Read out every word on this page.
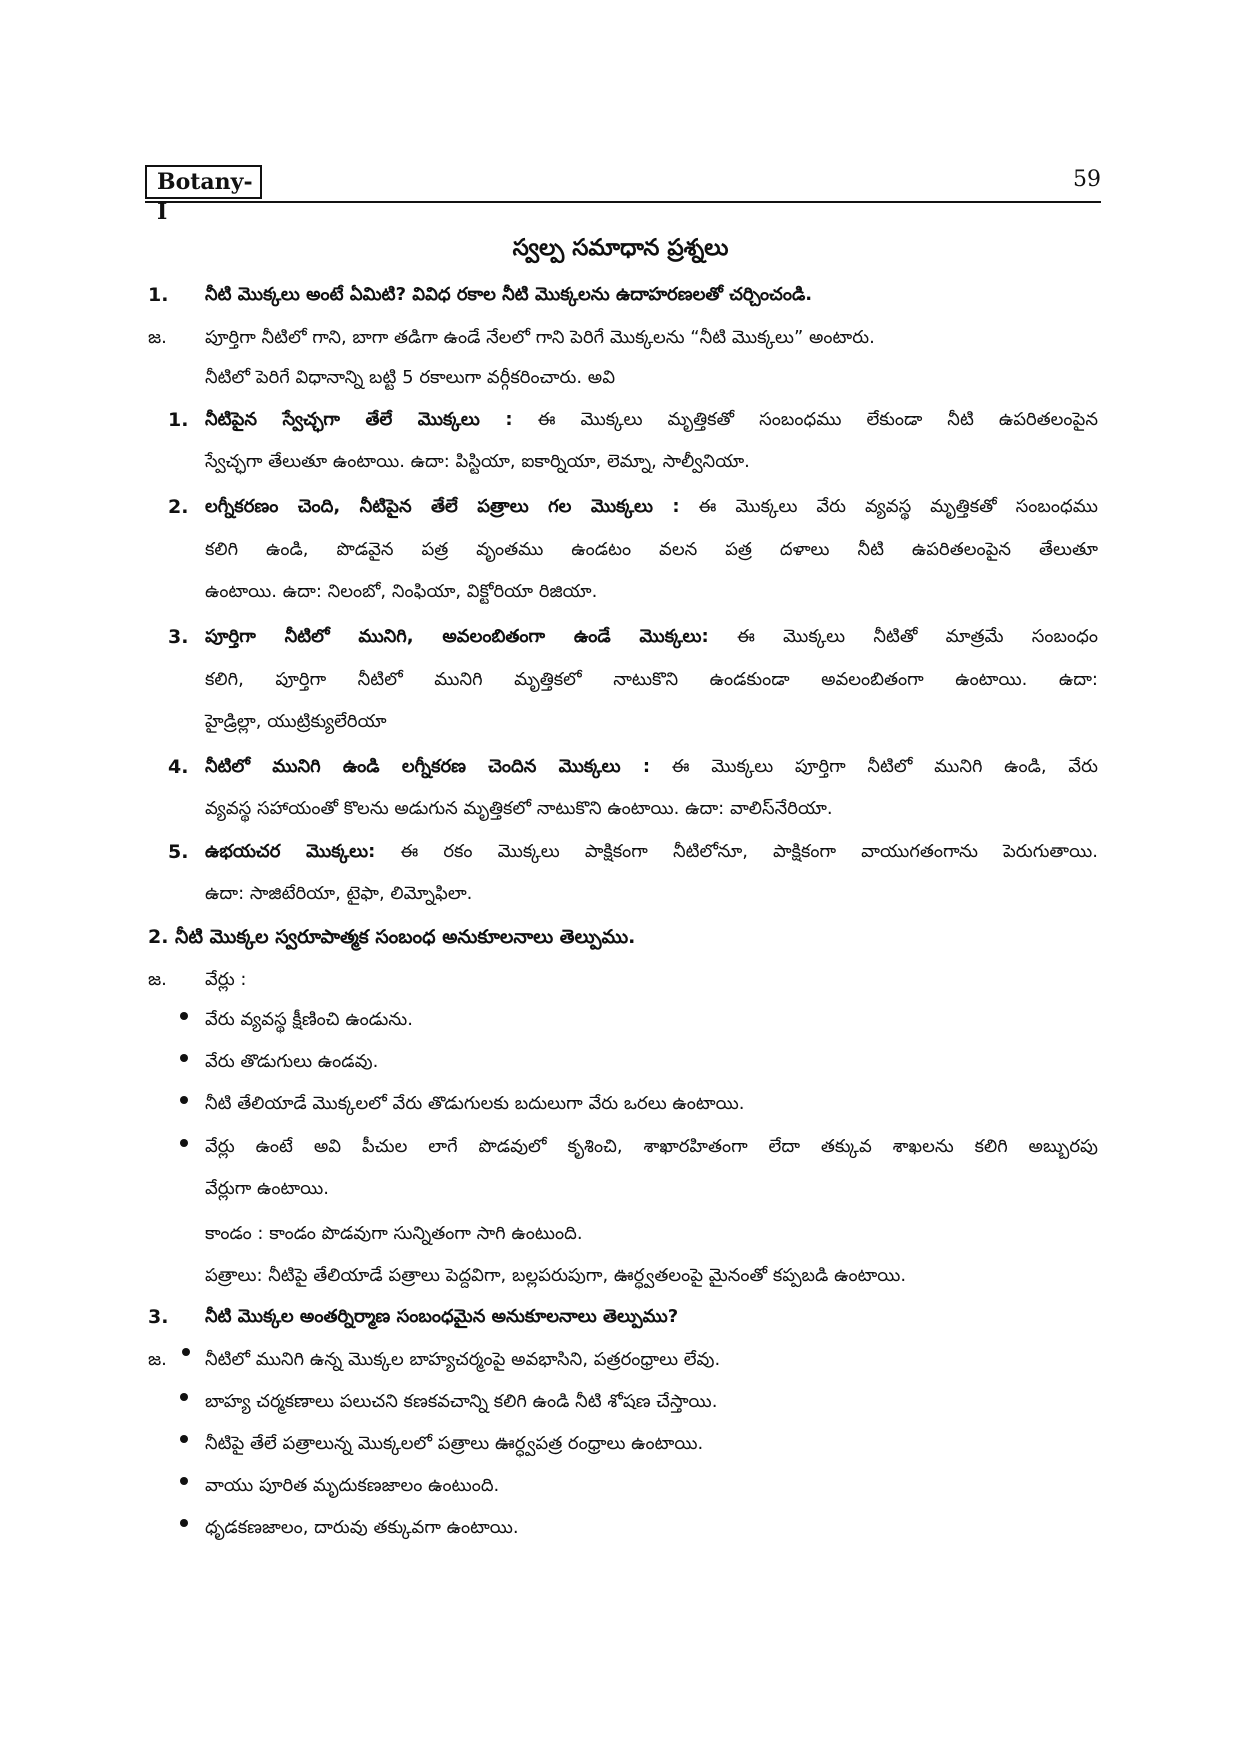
Botany-I
59
స్వల్ప సమాధాన ప్రశ్నలు
1. నీటి మొక్కలు అంటే ఏమిటి? వివిధ రకాల నీటి మొక్కలను ఉదాహరణలతో చర్చించండి.
జ. పూర్తిగా నీటిలో గాని, బాగా తడిగా ఉండే నేలలో గాని పెరిగే మొక్కలను “నీటి మొక్కలు” అంటారు.
నీటిలో పెరిగే విధానాన్ని బట్టి 5 రకాలుగా వర్గీకరించారు. అవి
1. నీటిపైన స్వేచ్ఛగా తేలే మొక్కలు : ఈ మొక్కలు మృత్తికతో సంబంధము లేకుండా నీటి ఉపరితలంపైన
స్వేచ్ఛగా తేలుతూ ఉంటాయి. ఉదా: పిస్టియా, ఐకార్నియా, లెమ్నా, సాల్వీనియా.
2. లగ్నీకరణం చెంది, నీటిపైన తేలే పత్రాలు గల మొక్కలు : ఈ మొక్కలు వేరు వ్యవస్థ మృత్తికతో సంబంధము
కలిగి ఉండి, పొడవైన పత్ర వృంతము ఉండటం వలన పత్ర దళాలు నీటి ఉపరితలంపైన తేలుతూ
ఉంటాయి. ఉదా: నిలంబో, నింఫియా, విక్టోరియా రిజియా.
3. పూర్తిగా నీటిలో మునిగి, అవలంబితంగా ఉండే మొక్కలు: ఈ మొక్కలు నీటితో మాత్రమే సంబంధం
కలిగి, పూర్తిగా నీటిలో మునిగి మృత్తికలో నాటుకొని ఉండకుండా అవలంబితంగా ఉంటాయి. ఉదా:
హైడ్రిల్లా, యుట్రిక్యులేరియా
4. నీటిలో మునిగి ఉండి లగ్నీకరణ చెందిన మొక్కలు : ఈ మొక్కలు పూర్తిగా నీటిలో మునిగి ఉండి, వేరు
వ్యవస్థ సహాయంతో కొలను అడుగున మృత్తికలో నాటుకొని ఉంటాయి. ఉదా: వాలిస్‌నేరియా.
5. ఉభయచర మొక్కలు: ఈ రకం మొక్కలు పాక్షికంగా నీటిలోనూ, పాక్షికంగా వాయుగతంగాను పెరుగుతాయి.
ఉదా: సాజిటేరియా, టైఫా, లిమ్నోఫిలా.
2. నీటి మొక్కల స్వరూపాత్మక సంబంధ అనుకూలనాలు తెల్పుము.
జ. వేర్లు :
వేరు వ్యవస్థ క్షీణించి ఉండును.
వేరు తొడుగులు ఉండవు.
నీటి తేలియాడే మొక్కలలో వేరు తొడుగులకు బదులుగా వేరు ఒరలు ఉంటాయి.
వేర్లు ఉంటే అవి పీచుల లాగే పొడవులో కృశించి, శాఖారహితంగా లేదా తక్కువ శాఖలను కలిగి అబ్బురపు
వేర్లుగా ఉంటాయి.
కాండం : కాండం పొడవుగా సున్నితంగా సాగి ఉంటుంది.
పత్రాలు: నీటిపై తేలియాడే పత్రాలు పెద్దవిగా, బల్లపరుపుగా, ఊర్ధ్వతలంపై మైనంతో కప్పబడి ఉంటాయి.
3. నీటి మొక్కల అంతర్నిర్మాణ సంబంధమైన అనుకూలనాలు తెల్పుము?
జ. నీటిలో మునిగి ఉన్న మొక్కల బాహ్యచర్మంపై అవభాసిని, పత్రరంధ్రాలు లేవు.
బాహ్య చర్మకణాలు పలుచని కణకవచాన్ని కలిగి ఉండి నీటి శోషణ చేస్తాయి.
నీటిపై తేలే పత్రాలున్న మొక్కలలో పత్రాలు ఊర్ధ్వపత్ర రంధ్రాలు ఉంటాయి.
వాయు పూరిత మృదుకణజాలం ఉంటుంది.
ధృడకణజాలం, దారువు తక్కువగా ఉంటాయి.
